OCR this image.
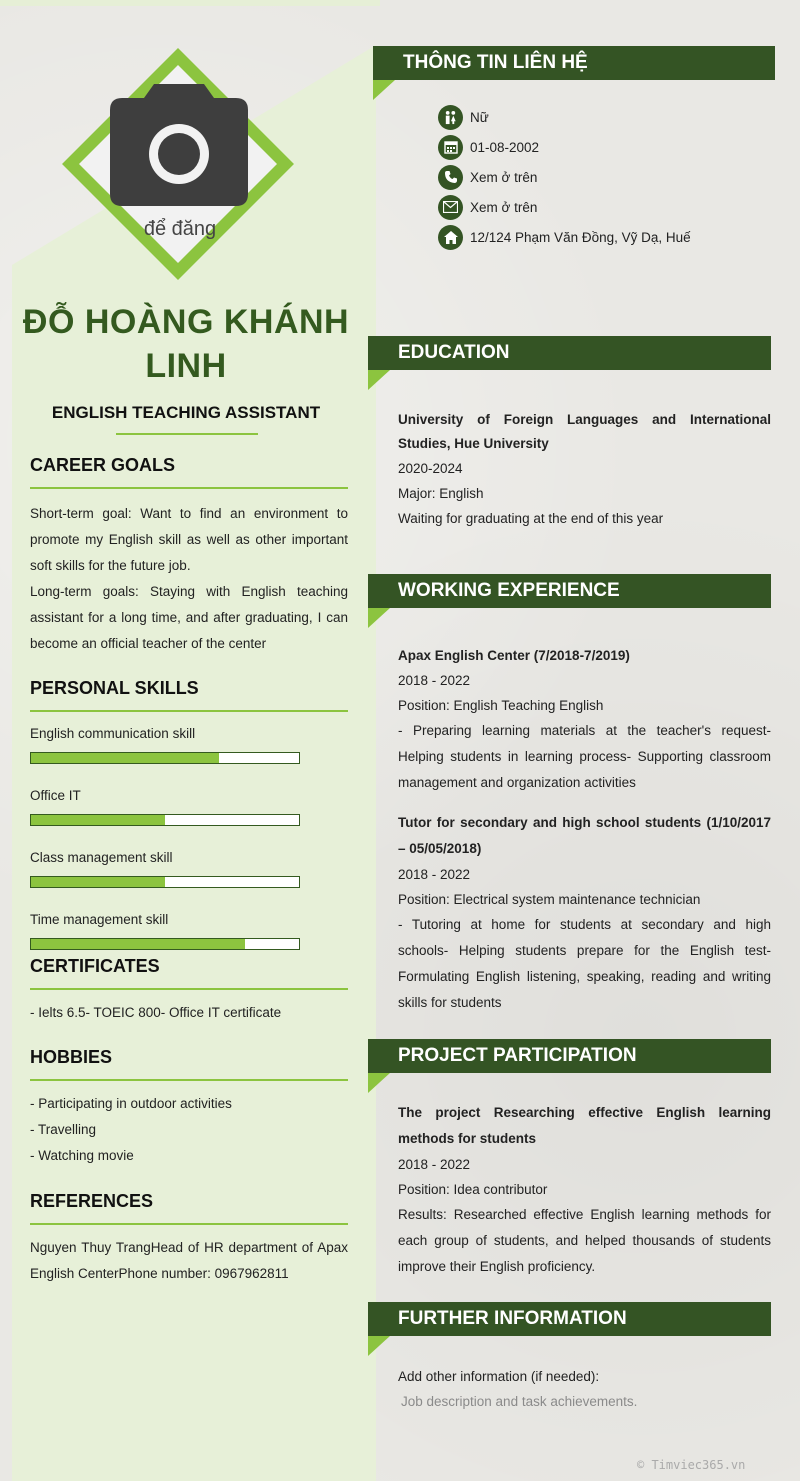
để đăng
ĐỖ HOÀNG KHÁNH LINH
ENGLISH TEACHING ASSISTANT
CAREER GOALS

Short-term goal: Want to find an environment to promote my English skill as well as other important soft skills for the future job.

Long-term goals: Staying with English teaching assistant for a long time, and after graduating, I can become an official teacher of the center

PERSONAL SKILLS
English communication skill
Office IT
Class management skill
Time management skill
CERTIFICATES

- Ielts 6.5- TOEIC 800- Office IT certificate

HOBBIES
- Participating in outdoor activities
- Travelling
- Watching movie
REFERENCES

Nguyen Thuy TrangHead of HR department of Apax English CenterPhone number: 0967962811

THÔNG TIN LIÊN HỆ
Nữ
01-08-2002
Xem ở trên
Xem ở trên
12/124 Phạm Văn Đồng, Vỹ Dạ, Huế
EDUCATION
University of Foreign Languages and International Studies, Hue University
2020-2024
Major: English
Waiting for graduating at the end of this year
WORKING EXPERIENCE
Apax English Center (7/2018-7/2019)
2018 - 2022
Position: English Teaching English
- Preparing learning materials at the teacher's request- Helping students in learning process- Supporting classroom management and organization activities
Tutor for secondary and high school students (1/10/2017 – 05/05/2018)
2018 - 2022
Position: Electrical system maintenance technician
- Tutoring at home for students at secondary and high schools- Helping students prepare for the English test- Formulating English listening, speaking, reading and writing skills for students
PROJECT PARTICIPATION
The project Researching effective English learning methods for students
2018 - 2022
Position: Idea contributor
Results: Researched effective English learning methods for each group of students, and helped thousands of students improve their English proficiency.
FURTHER INFORMATION
Add other information (if needed):
Job description and task achievements.
© Timviec365.vn
